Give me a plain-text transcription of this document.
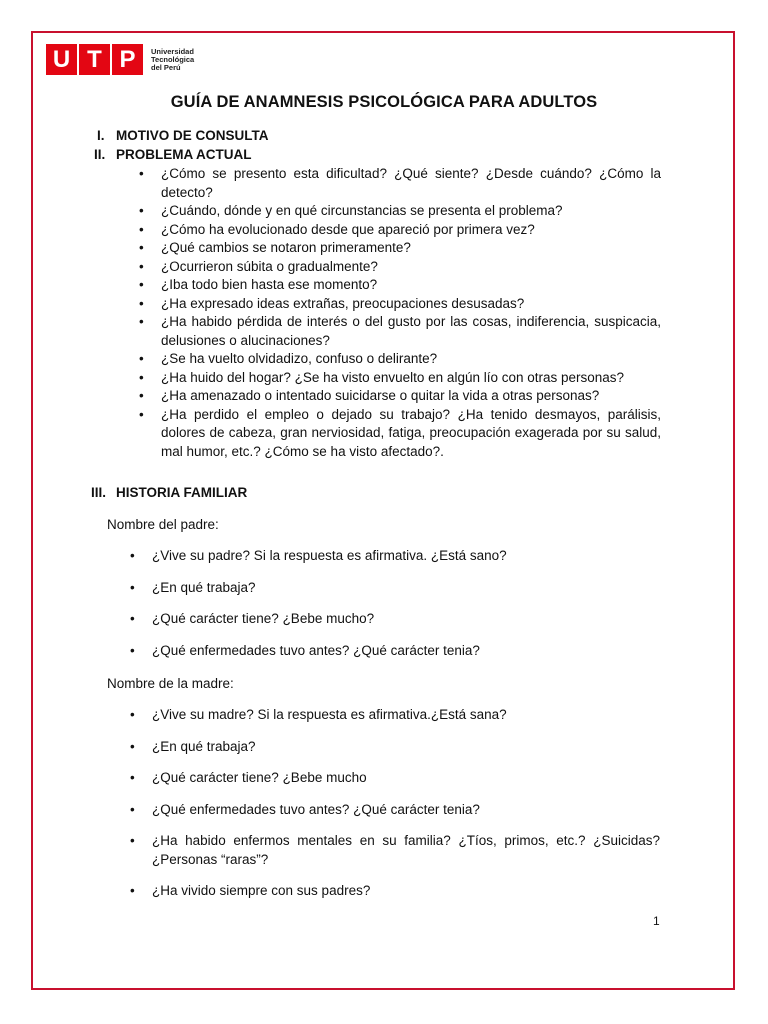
U T P	Universidad
Tecnológica
del Perú
GUÍA DE ANAMNESIS PSICOLÓGICA PARA ADULTOS
I. MOTIVO DE CONSULTA
II. PROBLEMA ACTUAL
• ¿Cómo se presento esta dificultad? ¿Qué siente? ¿Desde cuándo? ¿Cómo la detecto?
• ¿Cuándo, dónde y en qué circunstancias se presenta el problema?
• ¿Cómo ha evolucionado desde que apareció por primera vez?
• ¿Qué cambios se notaron primeramente?
• ¿Ocurrieron súbita o gradualmente?
• ¿Iba todo bien hasta ese momento?
• ¿Ha expresado ideas extrañas, preocupaciones desusadas?
• ¿Ha habido pérdida de interés o del gusto por las cosas, indiferencia, suspicacia, delusiones o alucinaciones?
• ¿Se ha vuelto olvidadizo, confuso o delirante?
• ¿Ha huido del hogar? ¿Se ha visto envuelto en algún lío con otras personas?
• ¿Ha amenazado o intentado suicidarse o quitar la vida a otras personas?
• ¿Ha perdido el empleo o dejado su trabajo? ¿Ha tenido desmayos, parálisis, dolores de cabeza, gran nerviosidad, fatiga, preocupación exagerada por su salud, mal humor, etc.? ¿Cómo se ha visto afectado?.
III. HISTORIA FAMILIAR
Nombre del padre:
• ¿Vive su padre? Si la respuesta es afirmativa. ¿Está sano?
• ¿En qué trabaja?
• ¿Qué carácter tiene? ¿Bebe mucho?
• ¿Qué enfermedades tuvo antes? ¿Qué carácter tenia?
Nombre de la madre:
• ¿Vive su madre? Si la respuesta es afirmativa.¿Está sana?
• ¿En qué trabaja?
• ¿Qué carácter tiene? ¿Bebe mucho
• ¿Qué enfermedades tuvo antes? ¿Qué carácter tenia?
• ¿Ha habido enfermos mentales en su familia? ¿Tíos, primos, etc.? ¿Suicidas? ¿Personas “raras”?
• ¿Ha vivido siempre con sus padres?
1
